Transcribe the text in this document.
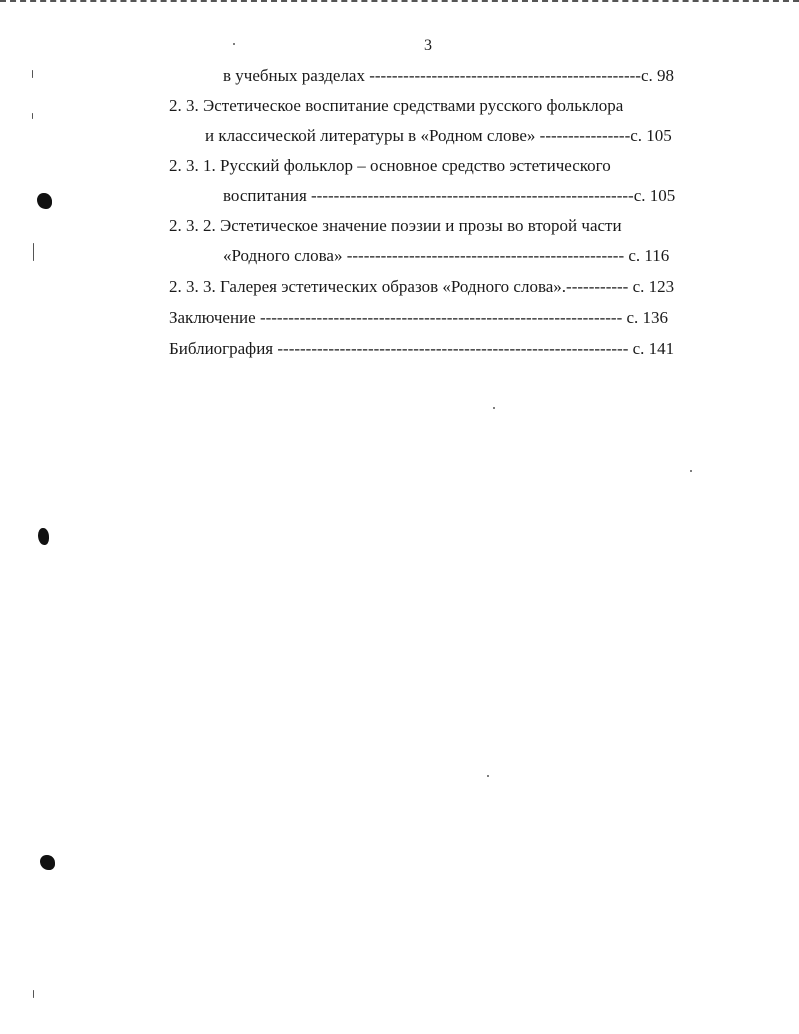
3
в учебных разделах ------------------------------------------------с. 98
2. 3. Эстетическое воспитание средствами русского фольклора
и классической литературы в «Родном слове» ----------------с. 105
2. 3. 1. Русский фольклор – основное средство эстетического
воспитания ---------------------------------------------------------с. 105
2. 3. 2. Эстетическое значение поэзии и прозы во второй части
«Родного слова» ------------------------------------------------- с. 116
2. 3. 3. Галерея эстетических образов «Родного слова».----------- с. 123
Заключение ---------------------------------------------------------------- с. 136
Библиография -------------------------------------------------------------- с. 141
